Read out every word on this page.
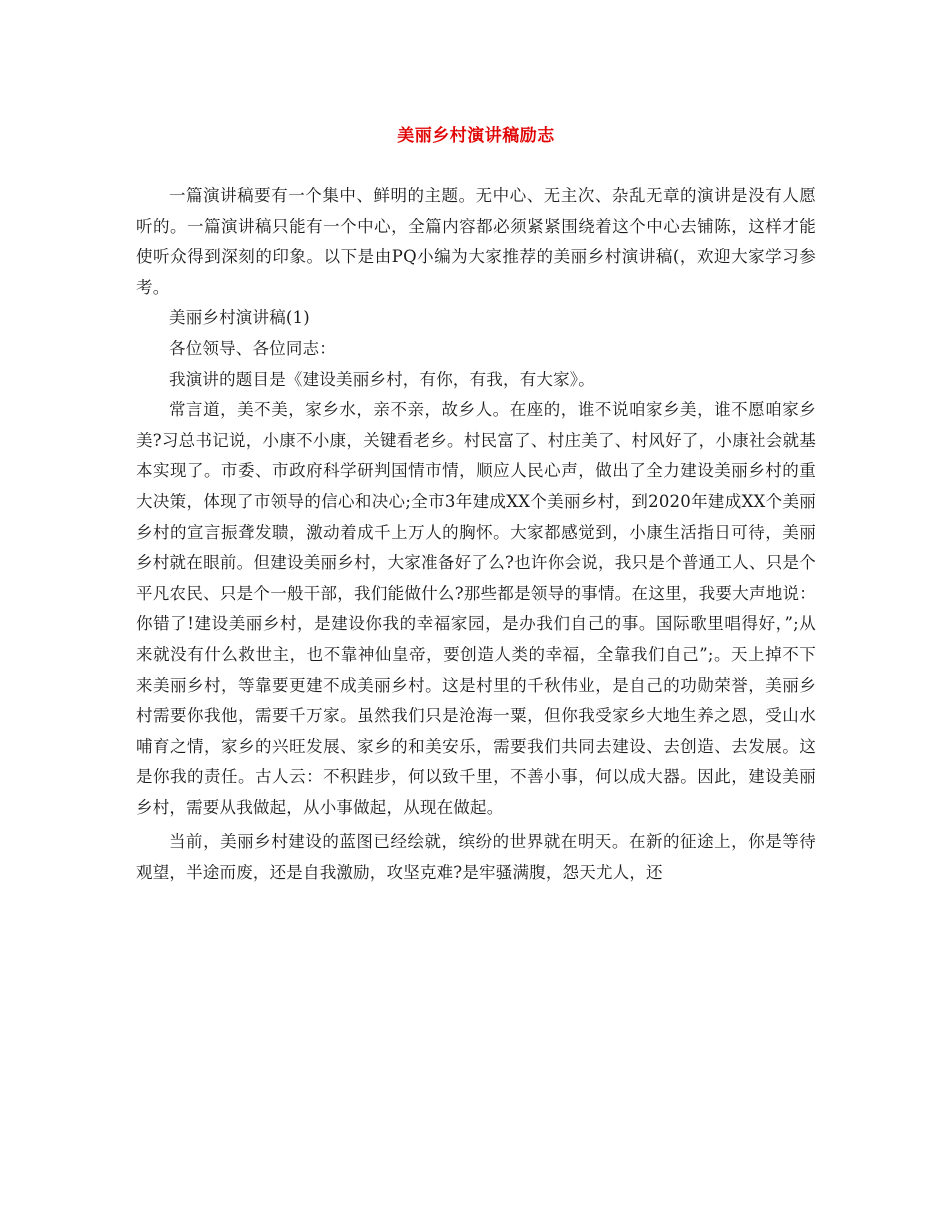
美丽乡村演讲稿励志

一篇演讲稿要有一个集中、鲜明的主题。无中心、无主次、杂乱无章的演讲是没有人愿听的。一篇演讲稿只能有一个中心，全篇内容都必须紧紧围绕着这个中心去铺陈，这样才能使听众得到深刻的印象。以下是由PQ小编为大家推荐的美丽乡村演讲稿(，欢迎大家学习参考。

美丽乡村演讲稿(1)

各位领导、各位同志：

我演讲的题目是《建设美丽乡村，有你，有我，有大家》。

常言道，美不美，家乡水，亲不亲，故乡人。在座的，谁不说咱家乡美，谁不愿咱家乡美?习总书记说，小康不小康，关键看老乡。村民富了、村庄美了、村风好了，小康社会就基本实现了。市委、市政府科学研判国情市情，顺应人民心声，做出了全力建设美丽乡村的重大决策，体现了市领导的信心和决心;全市3年建成XX个美丽乡村，到2020年建成XX个美丽乡村的宣言振聋发聩，激动着成千上万人的胸怀。大家都感觉到，小康生活指日可待，美丽乡村就在眼前。但建设美丽乡村，大家准备好了么?也许你会说，我只是个普通工人、只是个平凡农民、只是个一般干部，我们能做什么?那些都是领导的事情。在这里，我要大声地说：你错了!建设美丽乡村，是建设你我的幸福家园，是办我们自己的事。国际歌里唱得好，”;从来就没有什么救世主，也不靠神仙皇帝，要创造人类的幸福，全靠我们自己”;。天上掉不下来美丽乡村，等靠要更建不成美丽乡村。这是村里的千秋伟业，是自己的功勋荣誉，美丽乡村需要你我他，需要千万家。虽然我们只是沧海一粟，但你我受家乡大地生养之恩，受山水哺育之情，家乡的兴旺发展、家乡的和美安乐，需要我们共同去建设、去创造、去发展。这是你我的责任。古人云：不积跬步，何以致千里，不善小事，何以成大器。因此，建设美丽乡村，需要从我做起，从小事做起，从现在做起。

当前，美丽乡村建设的蓝图已经绘就，缤纷的世界就在明天。在新的征途上，你是等待观望，半途而废，还是自我激励，攻坚克难?是牢骚满腹，怨天尤人，还
